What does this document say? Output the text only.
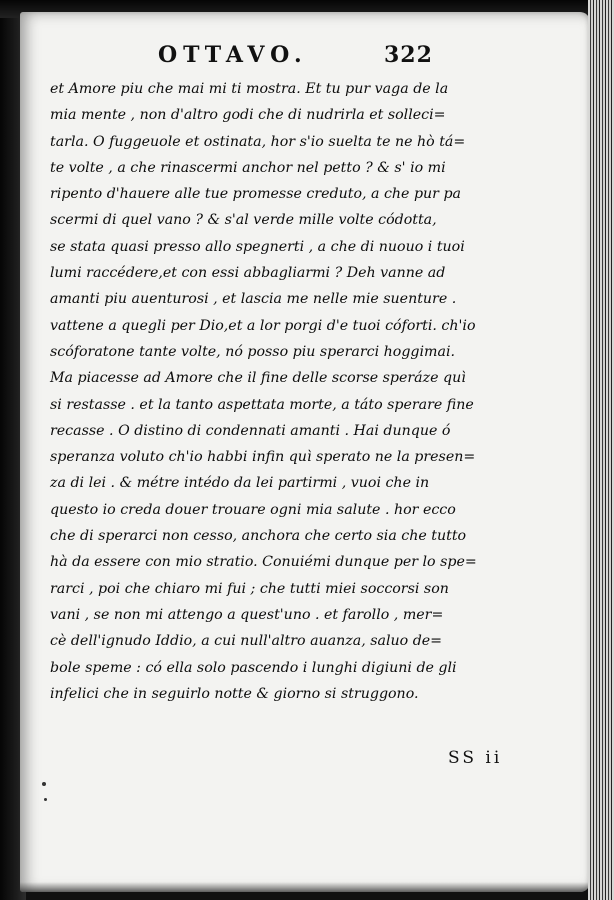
OTTAVO.	322
et Amore piu che mai mi ti mostra. Et tu pur vaga de la
mia mente , non d'altro godi che di nudrirla et solleci=
tarla. O fuggeuole et ostinata, hor s'io suelta te ne hò tá=
te volte , a che rinascermi anchor nel petto ? & s' io mi
ripento d'hauere alle tue promesse creduto, a che pur pa
scermi di quel vano ? & s'al verde mille volte códotta,
se stata quasi presso allo spegnerti , a che di nuouo i tuoi
lumi raccédere,et con essi abbagliarmi ? Deh vanne ad
amanti piu auenturosi , et lascia me nelle mie suenture .
vattene a quegli per Dio,et a lor porgi d'e tuoi cóforti. ch'io
scóforatone tante volte, nó posso piu sperarci hoggimai.
Ma piacesse ad Amore che il fine delle scorse speráze quì
si restasse . et la tanto aspettata morte, a táto sperare fine
recasse . O distino di condennati amanti . Hai dunque ó
speranza voluto ch'io habbi infin quì sperato ne la presen=
za di lei . & métre intédo da lei partirmi , vuoi che in
questo io creda douer trouare ogni mia salute . hor ecco
che di sperarci non cesso, anchora che certo sia che tutto
hà da essere con mio stratio. Conuiémi dunque per lo spe=
rarci , poi che chiaro mi fui ; che tutti miei soccorsi son
vani , se non mi attengo a quest'uno . et farollo , mer=
cè dell'ignudo Iddio, a cui null'altro auanza, saluo de=
bole speme : có ella solo pascendo i lunghi digiuni de gli
infelici che in seguirlo notte & giorno si struggono.
SS ii
